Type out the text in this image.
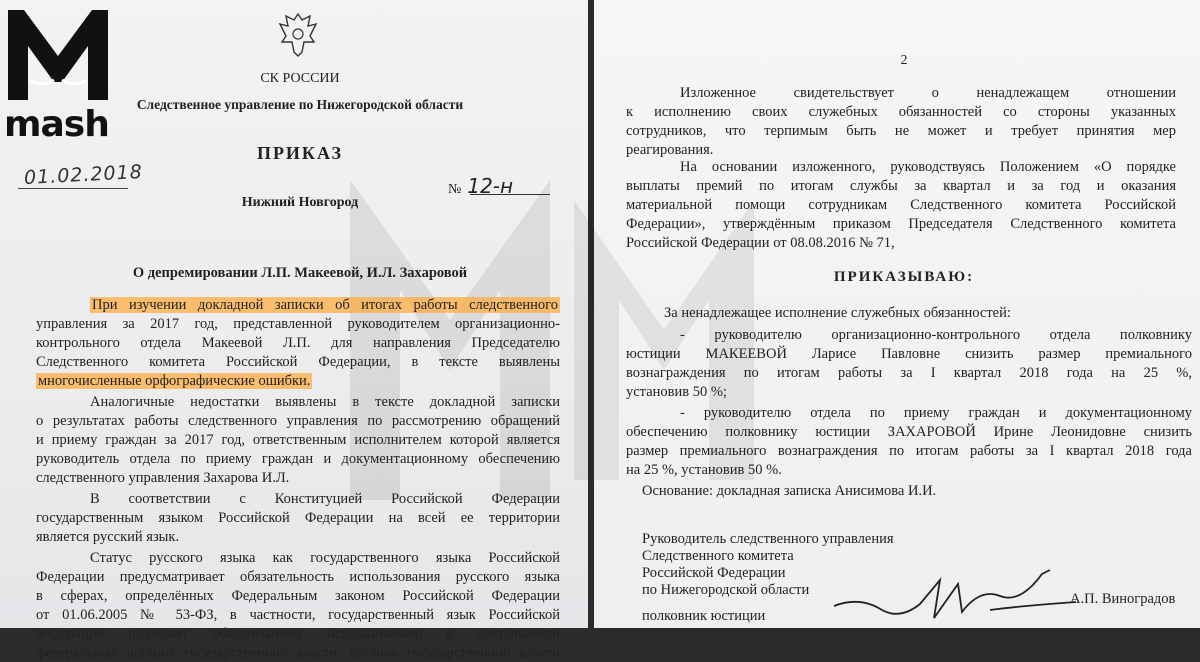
mash
01.02.2018
СК РОССИИ
Следственное управление по Нижегородской области
ПРИКАЗ
Нижний Новгород
№ 12-н
О депремировании Л.П. Макеевой, И.Л. Захаровой
При изучении докладной записки об итогах работы следственного
управления за 2017 год, представленной руководителем организационно-
контрольного отдела Макеевой Л.П. для направления Председателю
Следственного комитета Российской Федерации, в тексте выявлены
многочисленные орфографические ошибки.
Аналогичные недостатки выявлены в тексте докладной записки
о результатах работы следственного управления по рассмотрению обращений
и приему граждан за 2017 год, ответственным исполнителем которой является
руководитель отдела по приему граждан и документационному обеспечению
следственного управления Захарова И.Л.
В соответствии с Конституцией Российской Федерации
государственным языком Российской Федерации на всей ее территории
является русский язык.
Статус русского языка как государственного языка Российской
Федерации предусматривает обязательность использования русского языка
в сферах, определённых Федеральным законом Российской Федерации
от 01.06.2005 № 53-ФЗ, в частности, государственный язык Российской
Федерации подлежит обязательному использованию в деятельности
федеральных органов государственной власти, органов государственной власти
2
Изложенное свидетельствует о ненадлежащем отношении
к исполнению своих служебных обязанностей со стороны указанных
сотрудников, что терпимым быть не может и требует принятия мер
реагирования.
На основании изложенного, руководствуясь Положением «О порядке
выплаты премий по итогам службы за квартал и за год и оказания
материальной помощи сотрудникам Следственного комитета Российской
Федерации», утверждённым приказом Председателя Следственного комитета
Российской Федерации от 08.08.2016 № 71,
ПРИКАЗЫВАЮ:
За ненадлежащее исполнение служебных обязанностей:
- руководителю организационно-контрольного отдела полковнику
юстиции МАКЕЕВОЙ Ларисе Павловне снизить размер премиального
вознаграждения по итогам работы за I квартал 2018 года на 25 %,
установив 50 %;
- руководителю отдела по приему граждан и документационному
обеспечению полковнику юстиции ЗАХАРОВОЙ Ирине Леонидовне снизить
размер премиального вознаграждения по итогам работы за I квартал 2018 года
на 25 %, установив 50 %.
Основание: докладная записка Анисимова И.И.
Руководитель следственного управления
Следственного комитета
Российской Федерации
по Нижегородской области
полковник юстиции
А.П. Виноградов
